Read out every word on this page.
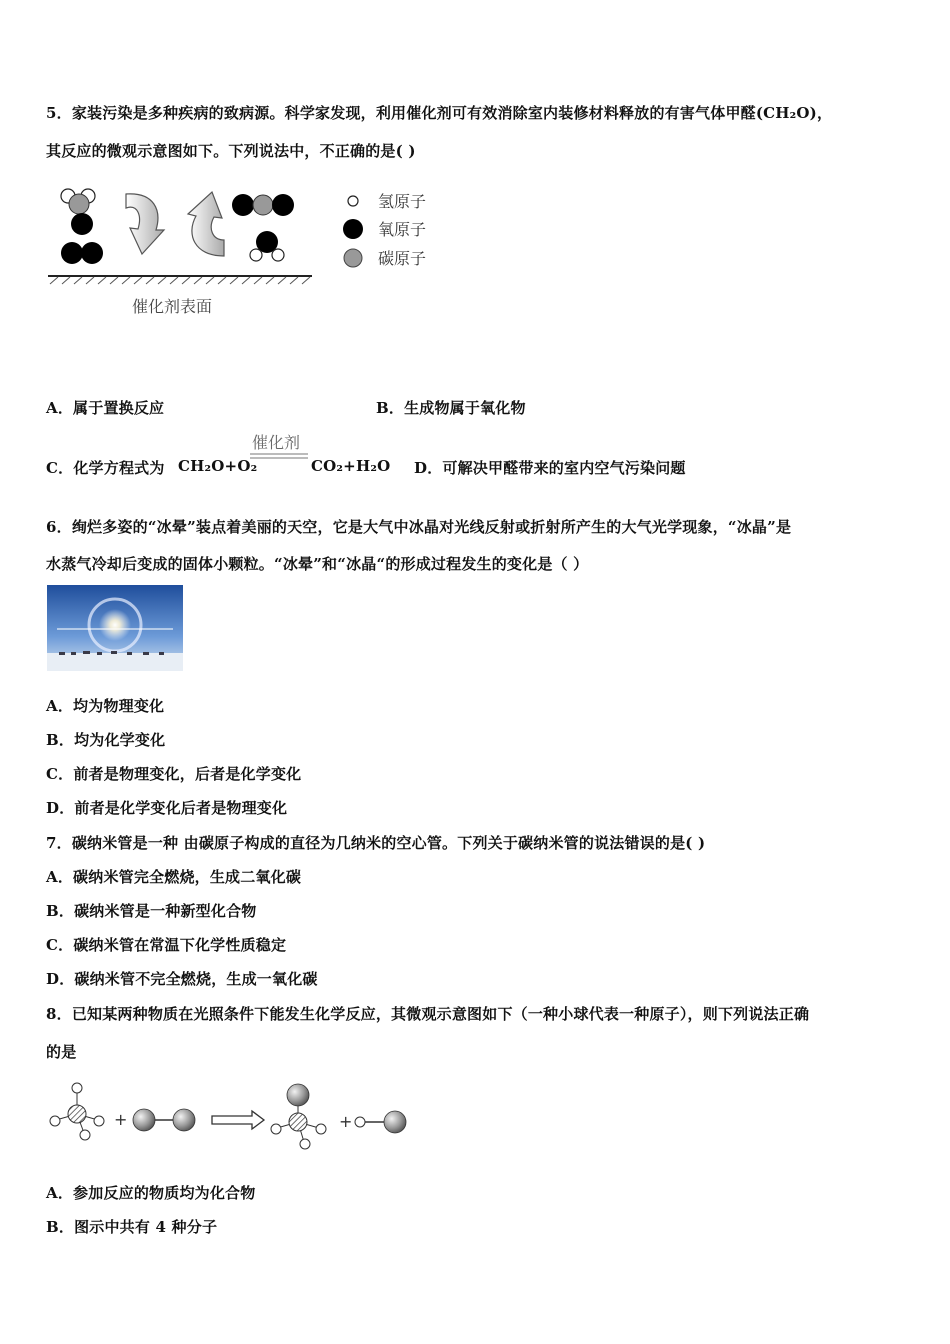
5．家装污染是多种疾病的致病源。科学家发现，利用催化剂可有效消除室内装修材料释放的有害气体甲醛(CH₂O)，
其反应的微观示意图如下。下列说法中，不正确的是( )
催化剂表面
氢原子
氧原子
碳原子
A．属于置换反应	B．生成物属于氧化物
C．化学方程式为 CH₂O+O₂
催化剂
CO₂+H₂O D．可解决甲醛带来的室内空气污染问题
6．绚烂多姿的“冰晕”装点着美丽的天空，它是大气中冰晶对光线反射或折射所产生的大气光学现象，“冰晶”是
水蒸气冷却后变成的固体小颗粒。“冰晕”和“冰晶“的形成过程发生的变化是（ ）
A．均为物理变化
B．均为化学变化
C．前者是物理变化，后者是化学变化
D．前者是化学变化后者是物理变化
7．碳纳米管是一种 由碳原子构成的直径为几纳米的空心管。下列关于碳纳米管的说法错误的是( )
A．碳纳米管完全燃烧，生成二氧化碳
B．碳纳米管是一种新型化合物
C．碳纳米管在常温下化学性质稳定
D．碳纳米管不完全燃烧，生成一氧化碳
8．已知某两种物质在光照条件下能发生化学反应，其微观示意图如下（一种小球代表一种原子），则下列说法正确
的是
+	+
A．参加反应的物质均为化合物
B．图示中共有 4 种分子
